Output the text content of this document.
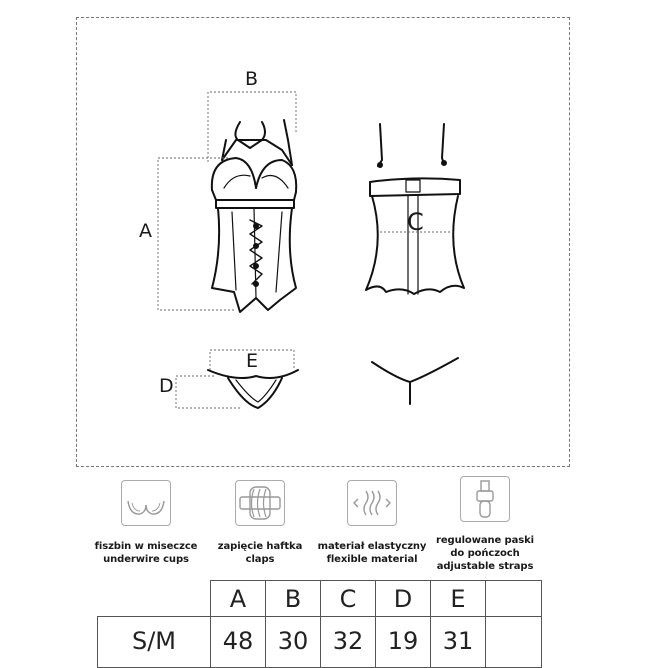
B
A	C
E
D
fiszbin w miseczce
underwire cups
zapięcie haftka
claps
materiał elastyczny
flexible material
regulowane paski
do pończoch
adjustable straps
	A	B	C	D	E	
S/M	48	30	32	19	31	
